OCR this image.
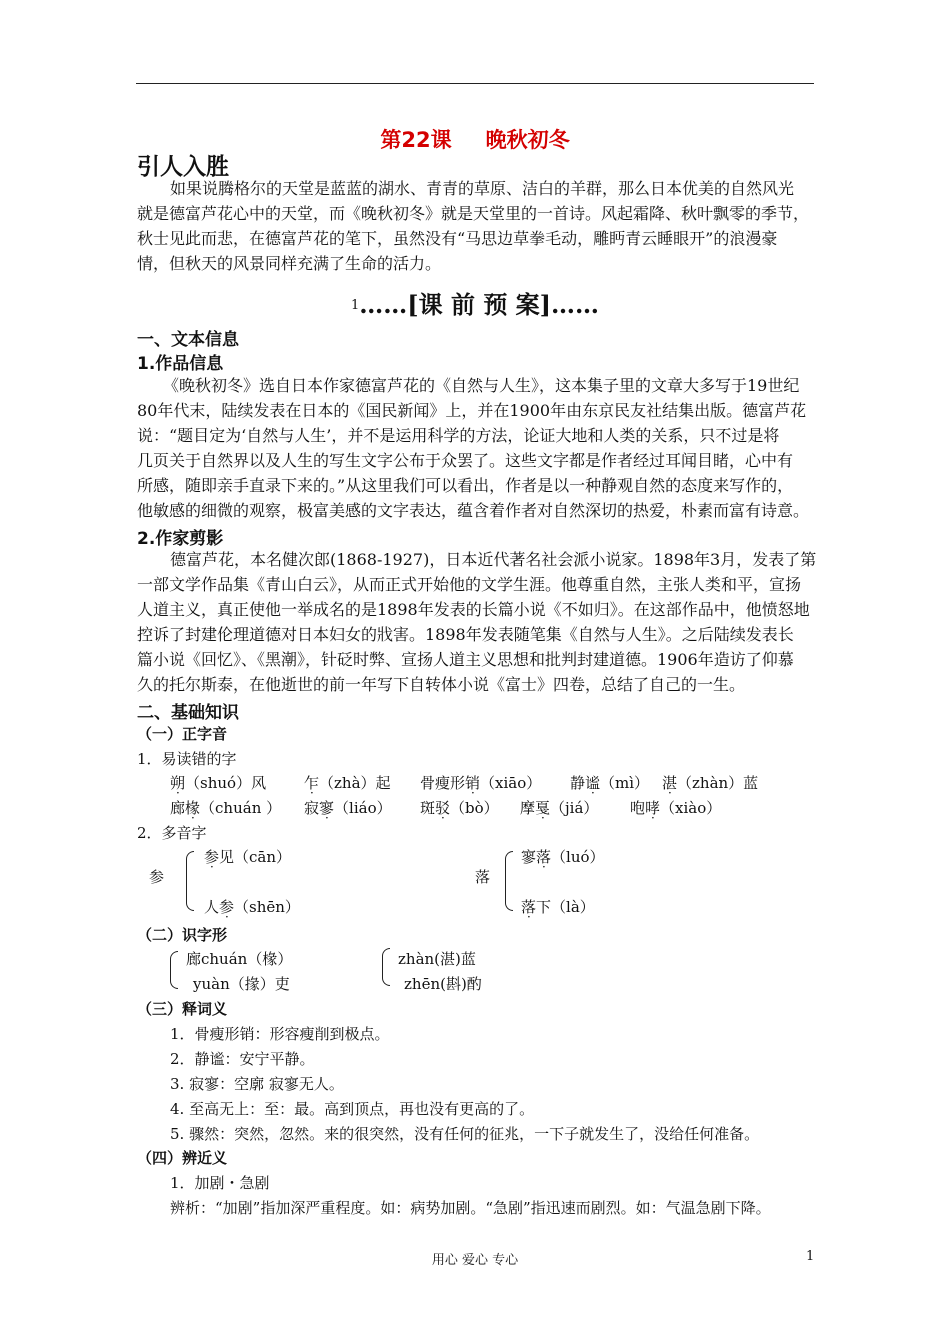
第22课 晚秋初冬
引人入胜
如果说腾格尔的天堂是蓝蓝的湖水、青青的草原、洁白的羊群，那么日本优美的自然风光
就是德富芦花心中的天堂，而《晚秋初冬》就是天堂里的一首诗。风起霜降、秋叶飘零的季节，
秋士见此而悲，在德富芦花的笔下，虽然没有“马思边草拳毛动，雕眄青云睡眼开”的浪漫豪
情，但秋天的风景同样充满了生命的活力。
1……[课 前 预 案]……
一、文本信息
1.作品信息
《晚秋初冬》选自日本作家德富芦花的《自然与人生》，这本集子里的文章大多写于19世纪
80年代末，陆续发表在日本的《国民新闻》上，并在1900年由东京民友社结集出版。德富芦花
说：“题目定为‘自然与人生’，并不是运用科学的方法，论证大地和人类的关系，只不过是将
几页关于自然界以及人生的写生文字公布于众罢了。这些文字都是作者经过耳闻目睹，心中有
所感，随即亲手直录下来的。”从这里我们可以看出，作者是以一种静观自然的态度来写作的，
他敏感的细微的观察，极富美感的文字表达，蕴含着作者对自然深切的热爱，朴素而富有诗意。
2.作家剪影
德富芦花，本名健次郎(1868-1927)，日本近代著名社会派小说家。1898年3月，发表了第
一部文学作品集《青山白云》，从而正式开始他的文学生涯。他尊重自然，主张人类和平，宣扬
人道主义，真正使他一举成名的是1898年发表的长篇小说《不如归》。在这部作品中，他愤怒地
控诉了封建伦理道德对日本妇女的戕害。1898年发表随笔集《自然与人生》。之后陆续发表长
篇小说《回忆》、《黑潮》，针砭时弊、宣扬人道主义思想和批判封建道德。1906年造访了仰慕
久的托尔斯泰，在他逝世的前一年写下自转体小说《富士》四卷，总结了自己的一生。
二、基础知识
（一）正字音
1．易读错的字
朔（shuó）风	乍（zhà）起 骨瘦形销（xiāo） 静谧（mì） 湛（zhàn）蓝
廊椽（chuán ） 寂寥（liáo） 斑驳（bò） 摩戛（jiá） 咆哮（xiào）
2．多音字
参
参见（cān）
人参（shēn）
落
寥落（luó）
落下（là）
（二）识字形
廊chuán（椽）
yuàn（掾）吏
zhàn(湛)蓝
zhēn(斟)酌
（三）释词义
1．骨瘦形销：形容瘦削到极点。
2．静谧：安宁平静。
3. 寂寥：空廓 寂寥无人。
4. 至高无上：至：最。高到顶点，再也没有更高的了。
5. 骤然：突然，忽然。来的很突然，没有任何的征兆，一下子就发生了，没给任何准备。
（四）辨近义
1．加剧・急剧
辨析：“加剧”指加深严重程度。如：病势加剧。“急剧”指迅速而剧烈。如：气温急剧下降。
用心 爱心 专心	1
